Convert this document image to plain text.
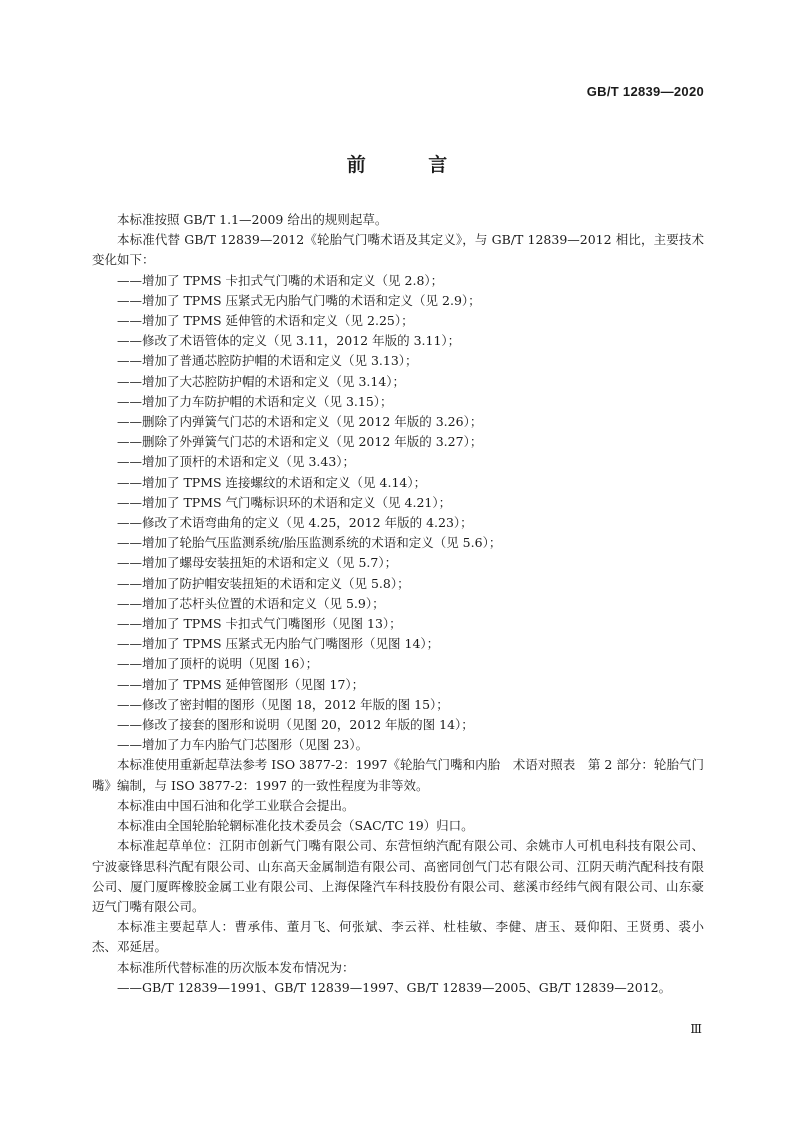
GB/T 12839—2020
前 言

本标准按照 GB/T 1.1—2009 给出的规则起草。

本标准代替 GB/T 12839—2012《轮胎气门嘴术语及其定义》，与 GB/T 12839—2012 相比，主要技术变化如下：

——增加了 TPMS 卡扣式气门嘴的术语和定义（见 2.8）；

——增加了 TPMS 压紧式无内胎气门嘴的术语和定义（见 2.9）；

——增加了 TPMS 延伸管的术语和定义（见 2.25）；

——修改了术语管体的定义（见 3.11，2012 年版的 3.11）；

——增加了普通芯腔防护帽的术语和定义（见 3.13）；

——增加了大芯腔防护帽的术语和定义（见 3.14）；

——增加了力车防护帽的术语和定义（见 3.15）；

——删除了内弹簧气门芯的术语和定义（见 2012 年版的 3.26）；

——删除了外弹簧气门芯的术语和定义（见 2012 年版的 3.27）；

——增加了顶杆的术语和定义（见 3.43）；

——增加了 TPMS 连接螺纹的术语和定义（见 4.14）；

——增加了 TPMS 气门嘴标识环的术语和定义（见 4.21）；

——修改了术语弯曲角的定义（见 4.25，2012 年版的 4.23）；

——增加了轮胎气压监测系统/胎压监测系统的术语和定义（见 5.6）；

——增加了螺母安装扭矩的术语和定义（见 5.7）；

——增加了防护帽安装扭矩的术语和定义（见 5.8）；

——增加了芯杆头位置的术语和定义（见 5.9）；

——增加了 TPMS 卡扣式气门嘴图形（见图 13）；

——增加了 TPMS 压紧式无内胎气门嘴图形（见图 14）；

——增加了顶杆的说明（见图 16）；

——增加了 TPMS 延伸管图形（见图 17）；

——修改了密封帽的图形（见图 18，2012 年版的图 15）；

——修改了接套的图形和说明（见图 20，2012 年版的图 14）；

——增加了力车内胎气门芯图形（见图 23）。

本标准使用重新起草法参考 ISO 3877-2：1997《轮胎气门嘴和内胎　术语对照表　第 2 部分：轮胎气门嘴》编制，与 ISO 3877-2：1997 的一致性程度为非等效。

本标准由中国石油和化学工业联合会提出。

本标准由全国轮胎轮辋标准化技术委员会（SAC/TC 19）归口。

本标准起草单位：江阴市创新气门嘴有限公司、东营恒纳汽配有限公司、余姚市人可机电科技有限公司、宁波豪锋思科汽配有限公司、山东高天金属制造有限公司、高密同创气门芯有限公司、江阴天萌汽配科技有限公司、厦门厦晖橡胶金属工业有限公司、上海保隆汽车科技股份有限公司、慈溪市经纬气阀有限公司、山东豪迈气门嘴有限公司。

本标准主要起草人：曹承伟、董月飞、何张斌、李云祥、杜桂敏、李健、唐玉、聂仰阳、王贤勇、裘小杰、邓延居。

本标准所代替标准的历次版本发布情况为：

——GB/T 12839—1991、GB/T 12839—1997、GB/T 12839—2005、GB/T 12839—2012。

Ⅲ
